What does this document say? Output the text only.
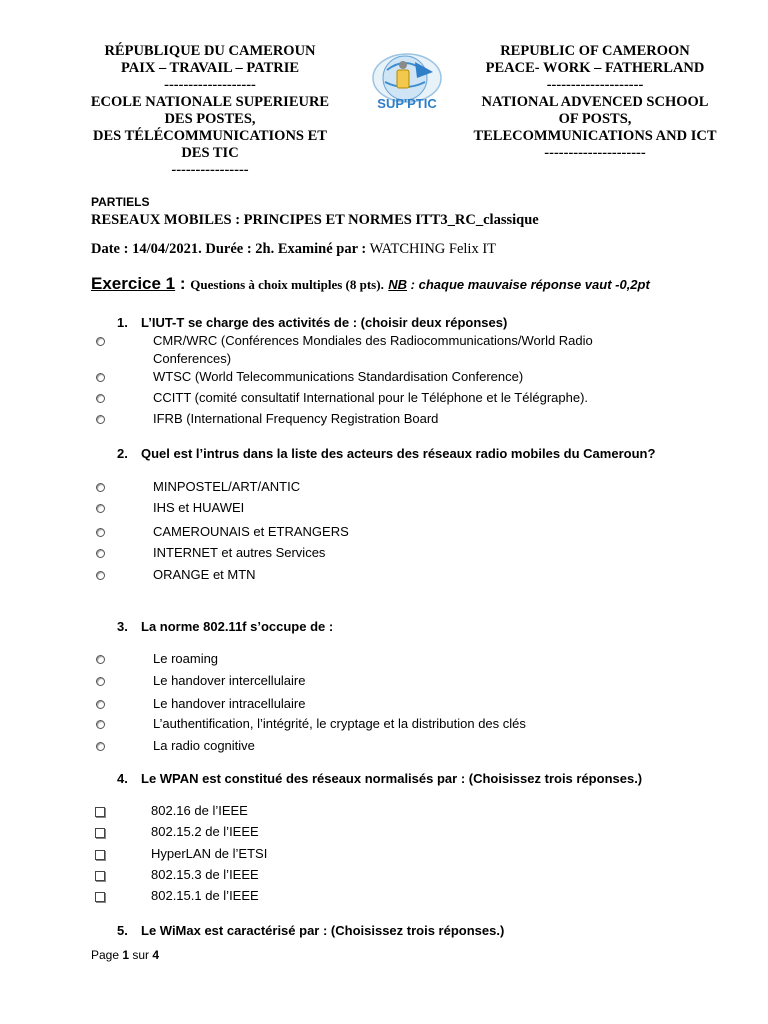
RÉPUBLIQUE DU CAMEROUN
PAIX – TRAVAIL – PATRIE
-------------------
ECOLE NATIONALE SUPERIEURE
DES POSTES,
DES TÉLÉCOMMUNICATIONS ET
DES TIC
----------------
SUP'PTIC
REPUBLIC OF CAMEROON
PEACE- WORK – FATHERLAND
--------------------
NATIONAL ADVENCED SCHOOL
OF POSTS,
TELECOMMUNICATIONS AND ICT
---------------------
PARTIELS
RESEAUX MOBILES : PRINCIPES ET NORMES ITT3_RC_classique
Date : 14/04/2021. Durée : 2h. Examiné par : WATCHING Felix IT
Exercice 1 : Questions à choix multiples (8 pts). NB : chaque mauvaise réponse vaut -0,2pt
1. L’IUT-T se charge des activités de : (choisir deux réponses)
CMR/WRC (Conférences Mondiales des Radiocommunications/World Radio
Conferences)
WTSC (World Telecommunications Standardisation Conference)
CCITT (comité consultatif International pour le Téléphone et le Télégraphe).
IFRB (International Frequency Registration Board
2. Quel est l’intrus dans la liste des acteurs des réseaux radio mobiles du Cameroun?
MINPOSTEL/ART/ANTIC
IHS et HUAWEI
CAMEROUNAIS et ETRANGERS
INTERNET et autres Services
ORANGE et MTN
3. La norme 802.11f s’occupe de :
Le roaming
Le handover intercellulaire
Le handover intracellulaire
L’authentification, l’intégrité, le cryptage et la distribution des clés
La radio cognitive
4. Le WPAN est constitué des réseaux normalisés par : (Choisissez trois réponses.)
802.16 de l’IEEE
802.15.2 de l’IEEE
HyperLAN de l’ETSI
802.15.3 de l’IEEE
802.15.1 de l’IEEE
5. Le WiMax est caractérisé par : (Choisissez trois réponses.)
Page 1 sur 4
